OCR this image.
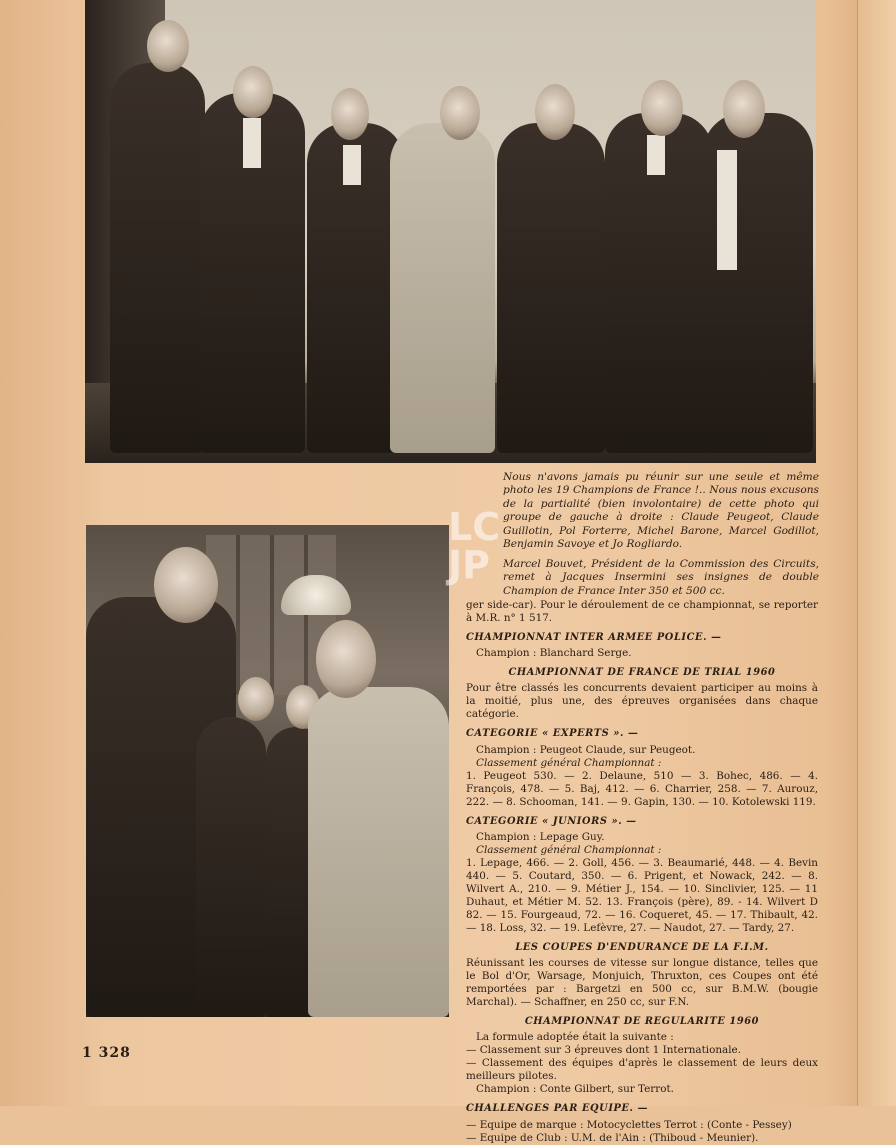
Nous n'avons jamais pu réunir sur une seule et même photo les 19 Champions de France !.. Nous nous excusons de la partialité (bien involontaire) de cette photo qui groupe de gauche à droite : Claude Peugeot, Claude Guillotin, Pol Forterre, Michel Barone, Marcel Godillot, Benjamin Savoye et Jo Rogliardo.

Marcel Bouvet, Président de la Commission des Circuits, remet à Jacques Insermini ses insignes de double Champion de France Inter 350 et 500 cc.

LC
JP

ger side-car). Pour le déroulement de ce championnat, se reporter à M.R. n° 1 517.

CHAMPIONNAT INTER ARMEE POLICE. —

Champion : Blanchard Serge.

CHAMPIONNAT DE FRANCE DE TRIAL 1960

Pour être classés les concurrents devaient participer au moins à la moitié, plus une, des épreuves organisées dans chaque catégorie.

CATEGORIE « EXPERTS ». —

Champion : Peugeot Claude, sur Peugeot.

Classement général Championnat :

1. Peugeot 530. — 2. Delaune, 510 — 3. Bohec, 486. — 4. François, 478. — 5. Baj, 412. — 6. Charrier, 258. — 7. Aurouz, 222. — 8. Schooman, 141. — 9. Gapin, 130. — 10. Kotolewski 119.

CATEGORIE « JUNIORS ». —

Champion : Lepage Guy.

Classement général Championnat :

1. Lepage, 466. — 2. Goll, 456. — 3. Beaumarié, 448. — 4. Bevin 440. — 5. Coutard, 350. — 6. Prigent, et Nowack, 242. — 8. Wilvert A., 210. — 9. Métier J., 154. — 10. Sinclivier, 125. — 11 Duhaut, et Métier M. 52. 13. François (père), 89. - 14. Wilvert D 82. — 15. Fourgeaud, 72. — 16. Coqueret, 45. — 17. Thibault, 42. — 18. Loss, 32. — 19. Lefèvre, 27. — Naudot, 27. — Tardy, 27.

LES COUPES D'ENDURANCE DE LA F.I.M.

Réunissant les courses de vitesse sur longue distance, telles que le Bol d'Or, Warsage, Monjuich, Thruxton, ces Coupes ont été remportées par : Bargetzi en 500 cc, sur B.M.W. (bougie Marchal). — Schaffner, en 250 cc, sur F.N.

CHAMPIONNAT DE REGULARITE 1960

La formule adoptée était la suivante :

— Classement sur 3 épreuves dont 1 Internationale.

— Classement des équipes d'après le classement de leurs deux meilleurs pilotes.

Champion : Conte Gilbert, sur Terrot.

CHALLENGES PAR EQUIPE. —

— Equipe de marque : Motocyclettes Terrot : (Conte - Pessey)

— Equipe de Club : U.M. de l'Ain : (Thiboud - Meunier).

1 328
